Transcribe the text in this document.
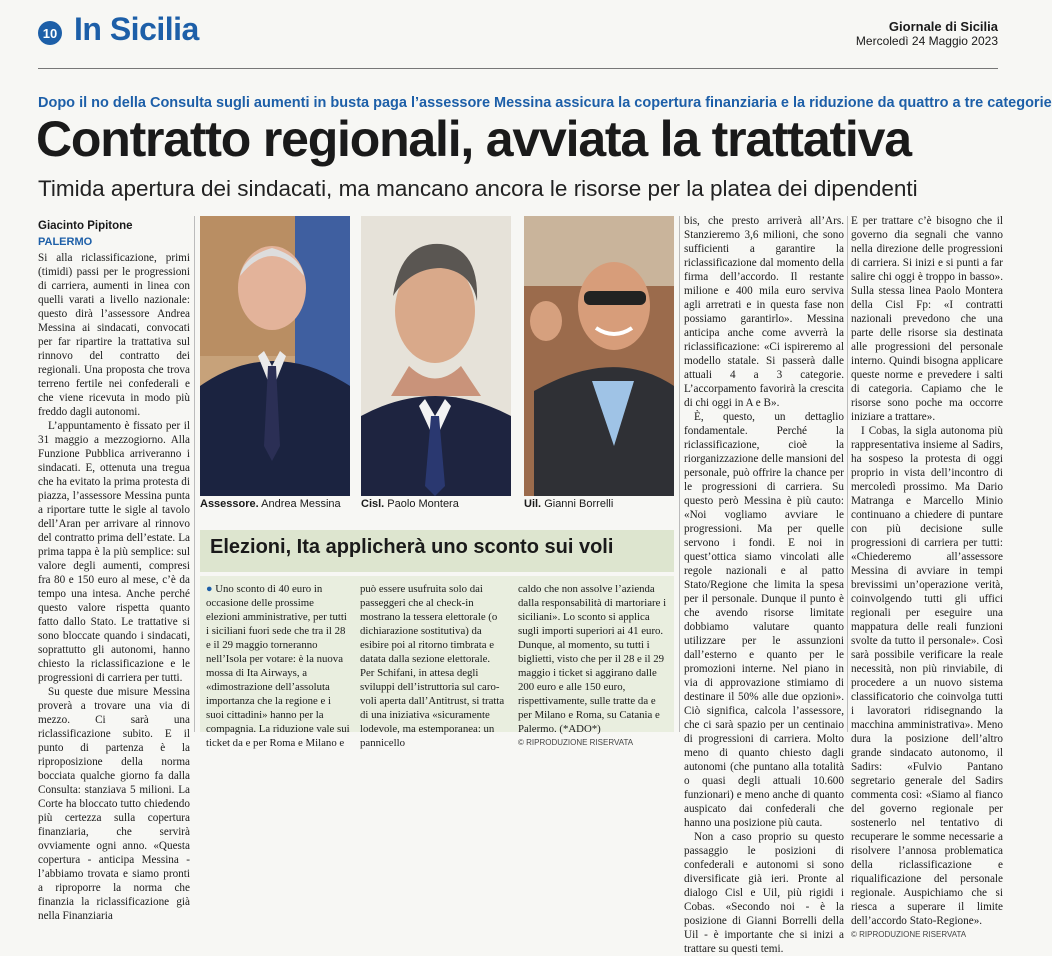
10 In Sicilia	Giornale di Sicilia
Mercoledì 24 Maggio 2023
Dopo il no della Consulta sugli aumenti in busta paga l’assessore Messina assicura la copertura finanziaria e la riduzione da quattro a tre categorie
Contratto regionali, avviata la trattativa
Timida apertura dei sindacati, ma mancano ancora le risorse per la platea dei dipendenti
Giacinto Pipitone
PALERMO

Si alla riclassificazione, primi (timidi) passi per le progressioni di carriera, aumenti in linea con quelli varati a livello nazionale: questo dirà l’assessore Andrea Messina ai sindacati, convocati per far ripartire la trattativa sul rinnovo del contratto dei regionali. Una proposta che trova terreno fertile nei confederali e che viene ricevuta in modo più freddo dagli autonomi.

L’appuntamento è fissato per il 31 maggio a mezzogiorno. Alla Funzione Pubblica arriveranno i sindacati. E, ottenuta una tregua che ha evitato la prima protesta di piazza, l’assessore Messina punta a riportare tutte le sigle al tavolo dell’Aran per arrivare al rinnovo del contratto prima dell’estate. La prima tappa è la più semplice: sul valore degli aumenti, compresi fra 80 e 150 euro al mese, c’è da tempo una intesa. Anche perché questo valore rispetta quanto fatto dallo Stato. Le trattative si sono bloccate quando i sindacati, soprattutto gli autonomi, hanno chiesto la riclassificazione e le progressioni di carriera per tutti.

Su queste due misure Messina proverà a trovare una via di mezzo. Ci sarà una riclassificazione subito. E il punto di partenza è la riproposizione della norma bocciata qualche giorno fa dalla Consulta: stanziava 5 milioni. La Corte ha bloccato tutto chiedendo più certezza sulla copertura finanziaria, che servirà ovviamente ogni anno. «Questa copertura - anticipa Messina - l’abbiamo trovata e siamo pronti a riproporre la norma che finanzia la riclassificazione già nella Finanziaria

Assessore. Andrea Messina Cisl. Paolo Montera	Uil. Gianni Borrelli
Elezioni, Ita applicherà uno sconto sui voli
● Uno sconto di 40 euro in occasione delle prossime elezioni amministrative, per tutti i siciliani fuori sede che tra il 28 e il 29 maggio torneranno nell’Isola per votare: è la nuova mossa di Ita Airways, a «dimostrazione dell’assoluta importanza che la regione e i suoi cittadini» hanno per la compagnia. La riduzione vale sui ticket da e per Roma e Milano e
può essere usufruita solo dai passeggeri che al check-in mostrano la tessera elettorale (o dichiarazione sostitutiva) da esibire poi al ritorno timbrata e datata dalla sezione elettorale. Per Schifani, in attesa degli sviluppi dell’istruttoria sul caro-voli aperta dall’Antitrust, si tratta di una iniziativa «sicuramente lodevole, ma estemporanea: un pannicello
caldo che non assolve l’azienda dalla responsabilità di martoriare i siciliani». Lo sconto si applica sugli importi superiori ai 41 euro. Dunque, al momento, su tutti i biglietti, visto che per il 28 e il 29 maggio i ticket si aggirano dalle 200 euro e alle 150 euro, rispettivamente, sulle tratte da e per Milano e Roma, su Catania e Palermo. (*ADO*)
© RIPRODUZIONE RISERVATA

bis, che presto arriverà all’Ars. Stanzieremo 3,6 milioni, che sono sufficienti a garantire la riclassificazione dal momento della firma dell’accordo. Il restante milione e 400 mila euro serviva agli arretrati e in questa fase non possiamo garantirlo». Messina anticipa anche come avverrà la riclassificazione: «Ci ispireremo al modello statale. Si passerà dalle attuali 4 a 3 categorie. L’accorpamento favorirà la crescita di chi oggi in A e B».

È, questo, un dettaglio fondamentale. Perché la riclassificazione, cioè la riorganizzazione delle mansioni del personale, può offrire la chance per le progressioni di carriera. Su questo però Messina è più cauto: «Noi vogliamo avviare le progressioni. Ma per quelle servono i fondi. E noi in quest’ottica siamo vincolati alle regole nazionali e al patto Stato/Regione che limita la spesa per il personale. Dunque il punto è che avendo risorse limitate dobbiamo valutare quanto utilizzare per le assunzioni dall’esterno e quanto per le promozioni interne. Nel piano in via di approvazione stimiamo di destinare il 50% alle due opzioni». Ciò significa, calcola l’assessore, che ci sarà spazio per un centinaio di progressioni di carriera. Molto meno di quanto chiesto dagli autonomi (che puntano alla totalità o quasi degli attuali 10.600 funzionari) e meno anche di quanto auspicato dai confederali che hanno una posizione più cauta.

Non a caso proprio su questo passaggio le posizioni di confederali e autonomi si sono diversificate già ieri. Pronte al dialogo Cisl e Uil, più rigidi i Cobas. «Secondo noi - è la posizione di Gianni Borrelli della Uil - è importante che si inizi a trattare su questi temi.

E per trattare c’è bisogno che il governo dia segnali che vanno nella direzione delle progressioni di carriera. Si inizi e si punti a far salire chi oggi è troppo in basso». Sulla stessa linea Paolo Montera della Cisl Fp: «I contratti nazionali prevedono che una parte delle risorse sia destinata alle progressioni del personale interno. Quindi bisogna applicare queste norme e prevedere i salti di categoria. Capiamo che le risorse sono poche ma occorre iniziare a trattare».

I Cobas, la sigla autonoma più rappresentativa insieme al Sadirs, ha sospeso la protesta di oggi proprio in vista dell’incontro di mercoledì prossimo. Ma Dario Matranga e Marcello Minio continuano a chiedere di puntare con più decisione sulle progressioni di carriera per tutti: «Chiederemo all’assessore Messina di avviare in tempi brevissimi un’operazione verità, coinvolgendo tutti gli uffici regionali per eseguire una mappatura delle reali funzioni svolte da tutto il personale». Così sarà possibile verificare la reale necessità, non più rinviabile, di procedere a un nuovo sistema classificatorio che coinvolga tutti i lavoratori ridisegnando la macchina amministrativa». Meno dura la posizione dell’altro grande sindacato autonomo, il Sadirs: «Fulvio Pantano segretario generale del Sadirs commenta così: «Siamo al fianco del governo regionale per sostenerlo nel tentativo di recuperare le somme necessarie a risolvere l’annosa problematica della riclassificazione e riqualificazione del personale regionale. Auspichiamo che si riesca a superare il limite dell’accordo Stato-Regione».

© RIPRODUZIONE RISERVATA
